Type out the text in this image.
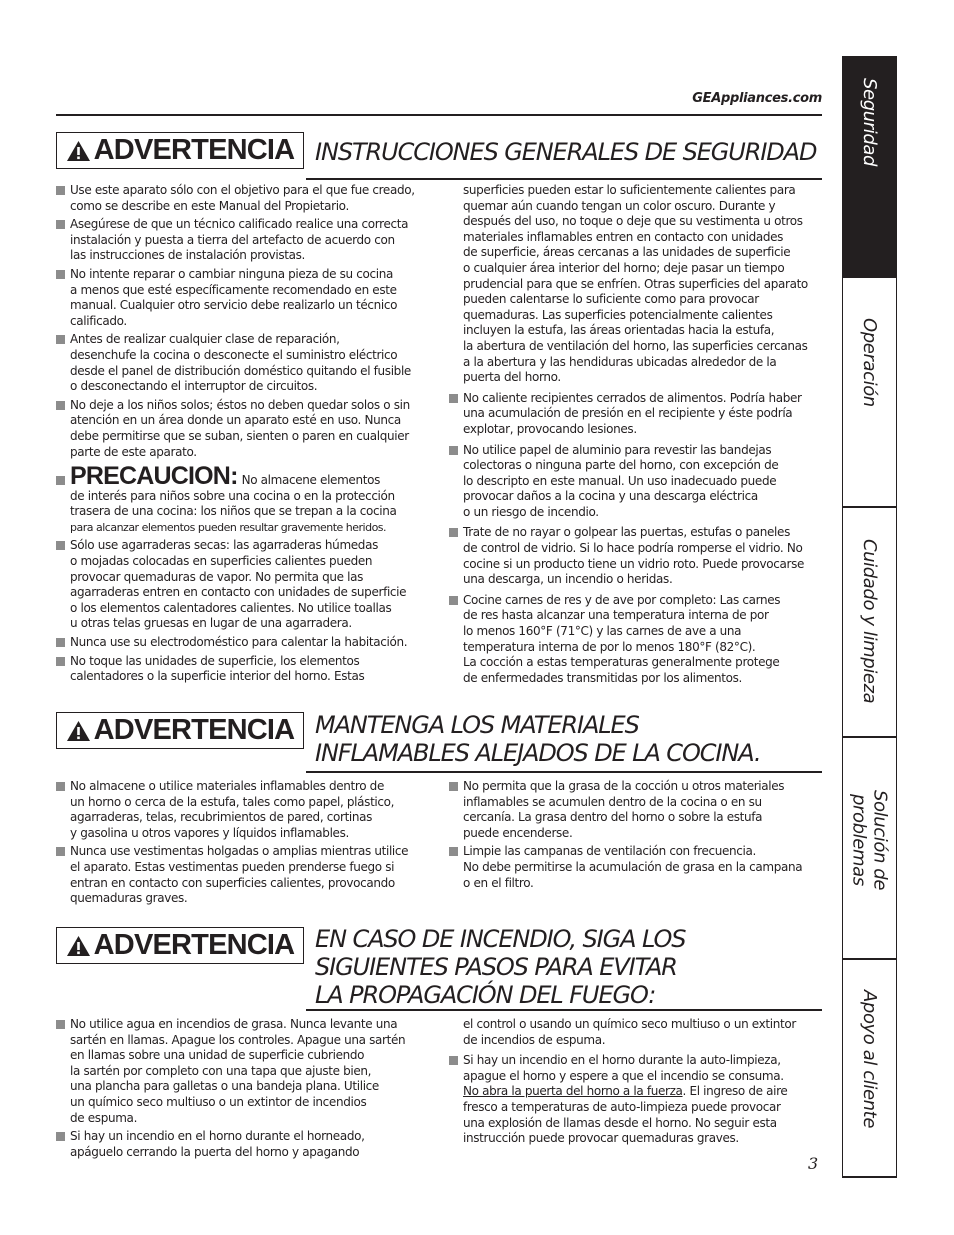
GEAppliances.com
ADVERTENCIA INSTRUCCIONES GENERALES DE SEGURIDAD
Use este aparato sólo con el objetivo para el que fue creado,
como se describe en este Manual del Propietario.
Asegúrese de que un técnico calificado realice una correcta
instalación y puesta a tierra del artefacto de acuerdo con
las instrucciones de instalación provistas.
No intente reparar o cambiar ninguna pieza de su cocina
a menos que esté específicamente recomendado en este
manual. Cualquier otro servicio debe realizarlo un técnico
calificado.
Antes de realizar cualquier clase de reparación,
desenchufe la cocina o desconecte el suministro eléctrico
desde el panel de distribución doméstico quitando el fusible
o desconectando el interruptor de circuitos.
No deje a los niños solos; éstos no deben quedar solos o sin
atención en un área donde un aparato esté en uso. Nunca
debe permitirse que se suban, sienten o paren en cualquier
parte de este aparato.
PRECAUCION: No almacene elementos
de interés para niños sobre una cocina o en la protección
trasera de una cocina: los niños que se trepan a la cocina
para alcanzar elementos pueden resultar gravemente heridos.
Sólo use agarraderas secas: las agarraderas húmedas
o mojadas colocadas en superficies calientes pueden
provocar quemaduras de vapor. No permita que las
agarraderas entren en contacto con unidades de superficie
o los elementos calentadores calientes. No utilice toallas
u otras telas gruesas en lugar de una agarradera.
Nunca use su electrodoméstico para calentar la habitación.
No toque las unidades de superficie, los elementos
calentadores o la superficie interior del horno. Estas
superficies pueden estar lo suficientemente calientes para
quemar aún cuando tengan un color oscuro. Durante y
después del uso, no toque o deje que su vestimenta u otros
materiales inflamables entren en contacto con unidades
de superficie, áreas cercanas a las unidades de superficie
o cualquier área interior del horno; deje pasar un tiempo
prudencial para que se enfríen. Otras superficies del aparato
pueden calentarse lo suficiente como para provocar
quemaduras. Las superficies potencialmente calientes
incluyen la estufa, las áreas orientadas hacia la estufa,
la abertura de ventilación del horno, las superficies cercanas
a la abertura y las hendiduras ubicadas alrededor de la
puerta del horno.
No caliente recipientes cerrados de alimentos. Podría haber
una acumulación de presión en el recipiente y éste podría
explotar, provocando lesiones.
No utilice papel de aluminio para revestir las bandejas
colectoras o ninguna parte del horno, con excepción de
lo descripto en este manual. Un uso inadecuado puede
provocar daños a la cocina y una descarga eléctrica
o un riesgo de incendio.
Trate de no rayar o golpear las puertas, estufas o paneles
de control de vidrio. Si lo hace podría romperse el vidrio. No
cocine si un producto tiene un vidrio roto. Puede provocarse
una descarga, un incendio o heridas.
Cocine carnes de res y de ave por completo: Las carnes
de res hasta alcanzar una temperatura interna de por
lo menos 160°F (71°C) y las carnes de ave a una
temperatura interna de por lo menos 180°F (82°C).
La cocción a estas temperaturas generalmente protege
de enfermedades transmitidas por los alimentos.
ADVERTENCIA MANTENGA LOS MATERIALES
INFLAMABLES ALEJADOS DE LA COCINA.
No almacene o utilice materiales inflamables dentro de
un horno o cerca de la estufa, tales como papel, plástico,
agarraderas, telas, recubrimientos de pared, cortinas
y gasolina u otros vapores y líquidos inflamables.
Nunca use vestimentas holgadas o amplias mientras utilice
el aparato. Estas vestimentas pueden prenderse fuego si
entran en contacto con superficies calientes, provocando
quemaduras graves.
No permita que la grasa de la cocción u otros materiales
inflamables se acumulen dentro de la cocina o en su
cercanía. La grasa dentro del horno o sobre la estufa
puede encenderse.
Limpie las campanas de ventilación con frecuencia.
No debe permitirse la acumulación de grasa en la campana
o en el filtro.
ADVERTENCIA EN CASO DE INCENDIO, SIGA LOS
SIGUIENTES PASOS PARA EVITAR
LA PROPAGACIÓN DEL FUEGO:
No utilice agua en incendios de grasa. Nunca levante una
sartén en llamas. Apague los controles. Apague una sartén
en llamas sobre una unidad de superficie cubriendo
la sartén por completo con una tapa que ajuste bien,
una plancha para galletas o una bandeja plana. Utilice
un químico seco multiuso o un extintor de incendios
de espuma.
Si hay un incendio en el horno durante el horneado,
apáguelo cerrando la puerta del horno y apagando
el control o usando un químico seco multiuso o un extintor
de incendios de espuma.
Si hay un incendio en el horno durante la auto-limpieza,
apague el horno y espere a que el incendio se consuma.
No abra la puerta del horno a la fuerza. El ingreso de aire
fresco a temperaturas de auto-limpieza puede provocar
una explosión de llamas desde el horno. No seguir esta
instrucción puede provocar quemaduras graves.
3
Seguridad
Operación
Cuidado y limpieza
Solución de
problemas
Apoyo al cliente
